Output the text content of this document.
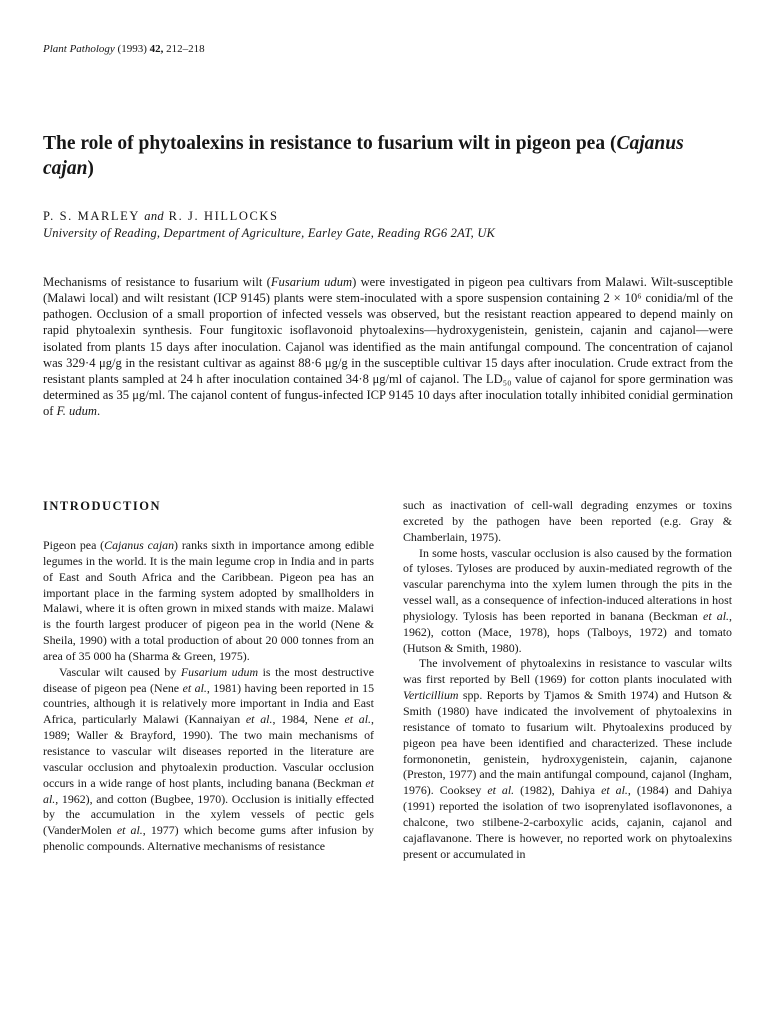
Plant Pathology (1993) 42, 212–218
The role of phytoalexins in resistance to fusarium wilt in pigeon pea (Cajanus cajan)
P. S. MARLEY and R. J. HILLOCKS
University of Reading, Department of Agriculture, Earley Gate, Reading RG6 2AT, UK

Mechanisms of resistance to fusarium wilt (Fusarium udum) were investigated in pigeon pea cultivars from Malawi. Wilt-susceptible (Malawi local) and wilt resistant (ICP 9145) plants were stem-inoculated with a spore suspension containing 2 × 10⁶ conidia/ml of the pathogen. Occlusion of a small proportion of infected vessels was observed, but the resistant reaction appeared to depend mainly on rapid phytoalexin synthesis. Four fungitoxic isoflavonoid phytoalexins—hydroxygenistein, genistein, cajanin and cajanol—were isolated from plants 15 days after inoculation. Cajanol was identified as the main antifungal compound. The concentration of cajanol was 329·4 μg/g in the resistant cultivar as against 88·6 μg/g in the susceptible cultivar 15 days after inoculation. Crude extract from the resistant plants sampled at 24 h after inoculation contained 34·8 μg/ml of cajanol. The LD₅₀ value of cajanol for spore germination was determined as 35 μg/ml. The cajanol content of fungus-infected ICP 9145 10 days after inoculation totally inhibited conidial germination of F. udum.

INTRODUCTION

Pigeon pea (Cajanus cajan) ranks sixth in importance among edible legumes in the world. It is the main legume crop in India and in parts of East and South Africa and the Caribbean. Pigeon pea has an important place in the farming system adopted by smallholders in Malawi, where it is often grown in mixed stands with maize. Malawi is the fourth largest producer of pigeon pea in the world (Nene & Sheila, 1990) with a total production of about 20 000 tonnes from an area of 35 000 ha (Sharma & Green, 1975).

Vascular wilt caused by Fusarium udum is the most destructive disease of pigeon pea (Nene et al., 1981) having been reported in 15 countries, although it is relatively more important in India and East Africa, particularly Malawi (Kannaiyan et al., 1984, Nene et al., 1989; Waller & Brayford, 1990). The two main mechanisms of resistance to vascular wilt diseases reported in the literature are vascular occlusion and phytoalexin production. Vascular occlusion occurs in a wide range of host plants, including banana (Beckman et al., 1962), and cotton (Bugbee, 1970). Occlusion is initially effected by the accumulation in the xylem vessels of pectic gels (VanderMolen et al., 1977) which become gums after infusion by phenolic compounds. Alternative mechanisms of resistance

such as inactivation of cell-wall degrading enzymes or toxins excreted by the pathogen have been reported (e.g. Gray & Chamberlain, 1975).

In some hosts, vascular occlusion is also caused by the formation of tyloses. Tyloses are produced by auxin-mediated regrowth of the vascular parenchyma into the xylem lumen through the pits in the vessel wall, as a consequence of infection-induced alterations in host physiology. Tylosis has been reported in banana (Beckman et al., 1962), cotton (Mace, 1978), hops (Talboys, 1972) and tomato (Hutson & Smith, 1980).

The involvement of phytoalexins in resistance to vascular wilts was first reported by Bell (1969) for cotton plants inoculated with Verticillium spp. Reports by Tjamos & Smith 1974) and Hutson & Smith (1980) have indicated the involvement of phytoalexins in resistance of tomato to fusarium wilt. Phytoalexins produced by pigeon pea have been identified and characterized. These include formononetin, genistein, hydroxygenistein, cajanin, cajanone (Preston, 1977) and the main antifungal compound, cajanol (Ingham, 1976). Cooksey et al. (1982), Dahiya et al., (1984) and Dahiya (1991) reported the isolation of two isoprenylated isoflavonones, a chalcone, two stilbene-2-carboxylic acids, cajanin, cajanol and cajaflavanone. There is however, no reported work on phytoalexins present or accumulated in
